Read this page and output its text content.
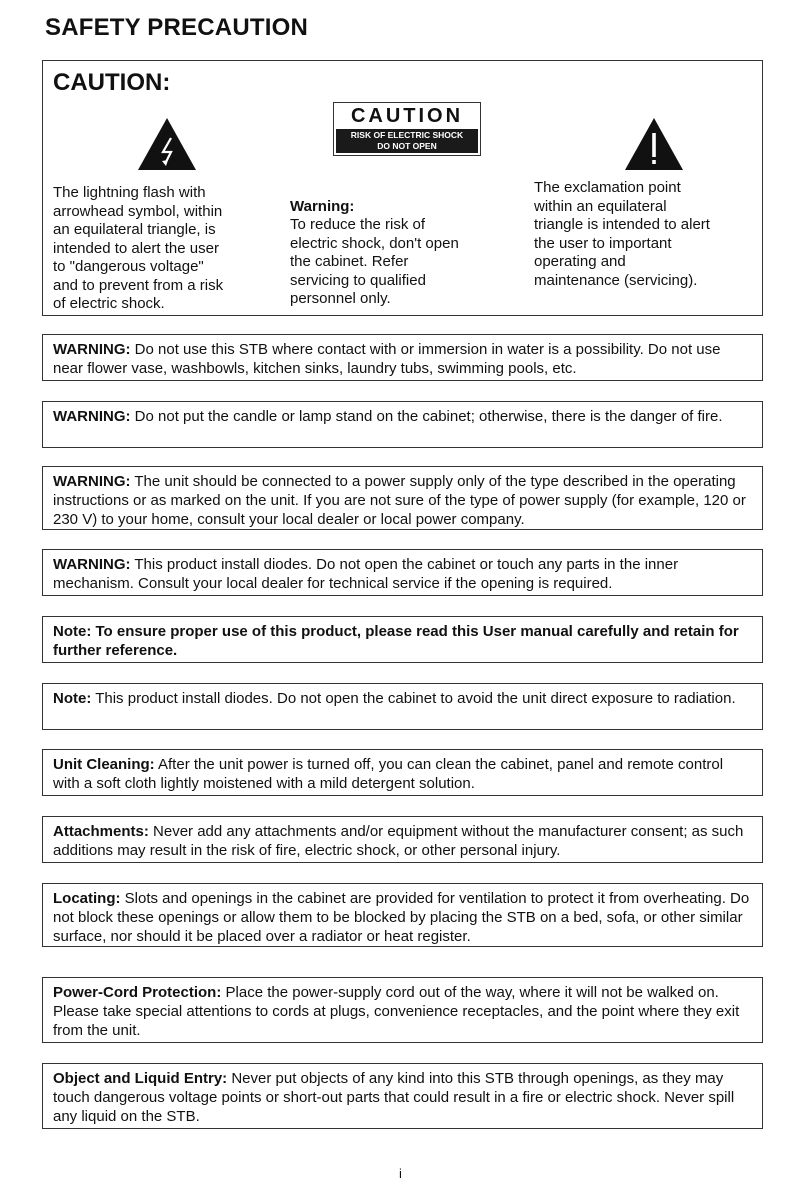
SAFETY PRECAUTION
CAUTION:
CAUTION
RISK OF ELECTRIC SHOCK
DO NOT OPEN
The lightning flash with
arrowhead symbol, within
an equilateral triangle, is
intended to alert the user
to "dangerous voltage"
and to prevent from a risk
of electric shock.

Warning:
To reduce the risk of
electric shock, don't open
the cabinet. Refer
servicing to qualified
personnel only.

The exclamation point
within an equilateral
triangle is intended to alert
the user to important
operating and
maintenance (servicing).
WARNING: Do not use this STB where contact with or immersion in water is a possibility. Do not use near flower vase, washbowls, kitchen sinks, laundry tubs, swimming pools, etc.
WARNING: Do not put the candle or lamp stand on the cabinet; otherwise, there is the danger of fire.
WARNING: The unit should be connected to a power supply only of the type described in the operating instructions or as marked on the unit. If you are not sure of the type of power supply (for example, 120 or 230 V) to your home, consult your local dealer or local power company.
WARNING: This product install diodes. Do not open the cabinet or touch any parts in the inner mechanism. Consult your local dealer for technical service if the opening is required.
Note: To ensure proper use of this product, please read this User manual carefully and retain for further reference.
Note: This product install diodes. Do not open the cabinet to avoid the unit direct exposure to radiation.
Unit Cleaning: After the unit power is turned off, you can clean the cabinet, panel and remote control with a soft cloth lightly moistened with a mild detergent solution.
Attachments: Never add any attachments and/or equipment without the manufacturer consent; as such additions may result in the risk of fire, electric shock, or other personal injury.
Locating: Slots and openings in the cabinet are provided for ventilation to protect it from overheating. Do not block these openings or allow them to be blocked by placing the STB on a bed, sofa, or other similar surface, nor should it be placed over a radiator or heat register.
Power-Cord Protection: Place the power-supply cord out of the way, where it will not be walked on. Please take special attentions to cords at plugs, convenience receptacles, and the point where they exit from the unit.
Object and Liquid Entry: Never put objects of any kind into this STB through openings, as they may touch dangerous voltage points or short-out parts that could result in a fire or electric shock. Never spill any liquid on the STB.
i
